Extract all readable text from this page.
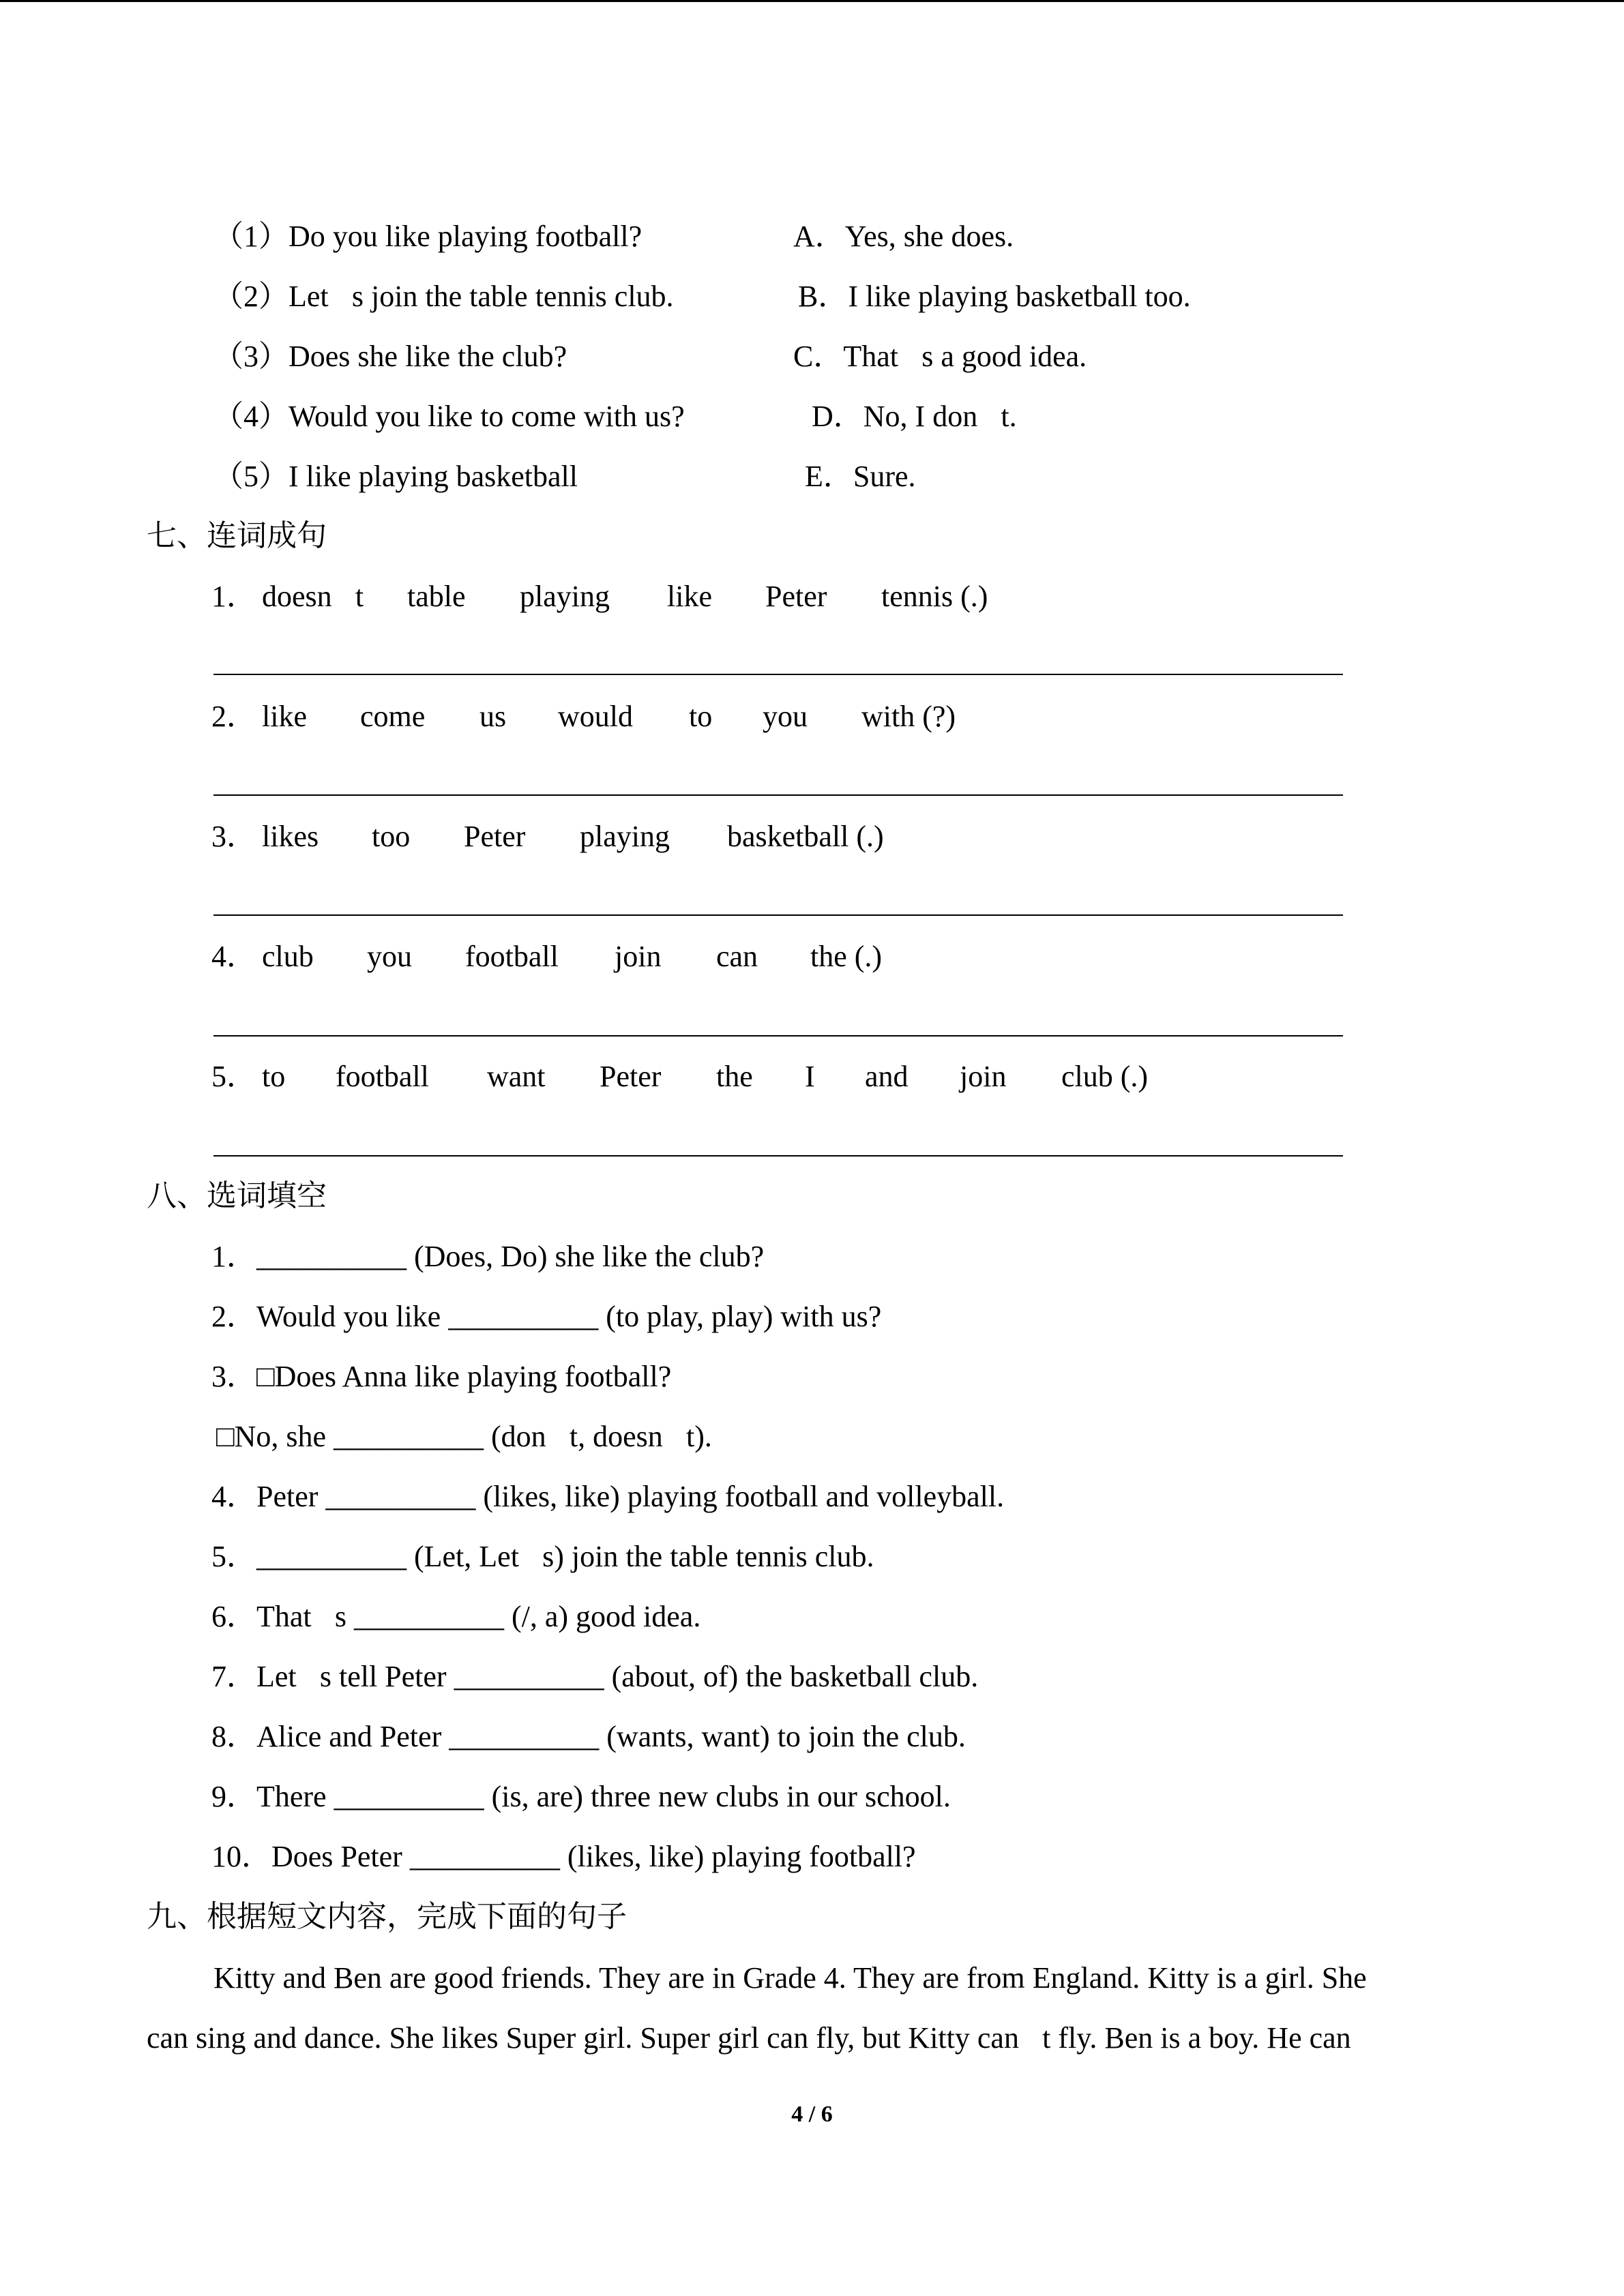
（1）Do you like playing football?	A．Yes, she does.
（2）Let s join the table tennis club.	B．I like playing basketball too.
（3）Does she like the club?	C．That s a good idea.
（4）Would you like to come with us?	D．No, I don t.
（5）I like playing basketball	E．Sure.
七、连词成句

1．

doesn t

table

playing

like

Peter

tennis (.)

2．

like

come

us

would

to

you

with (?)

3．

likes

too

Peter

playing

basketball (.)

4．

club

you

football

join

can

the (.)

5．

to

football

want

Peter

the

I

and

join

club (.)

八、选词填空
1．__________ (Does, Do) she like the club?
2．Would you like __________ (to play, play) with us?
3．□Does Anna like playing football?
□No, she __________ (don t, doesn t).
4．Peter __________ (likes, like) playing football and volleyball.
5．__________ (Let, Let s) join the table tennis club.
6．That s __________ (/, a) good idea.
7．Let s tell Peter __________ (about, of) the basketball club.
8．Alice and Peter __________ (wants, want) to join the club.
9．There __________ (is, are) three new clubs in our school.
10．Does Peter __________ (likes, like) playing football?
九、根据短文内容，完成下面的句子
Kitty and Ben are good friends. They are in Grade 4. They are from England. Kitty is a girl. She
can sing and dance. She likes Super girl. Super girl can fly, but Kitty can t fly. Ben is a boy. He can
4 / 6
